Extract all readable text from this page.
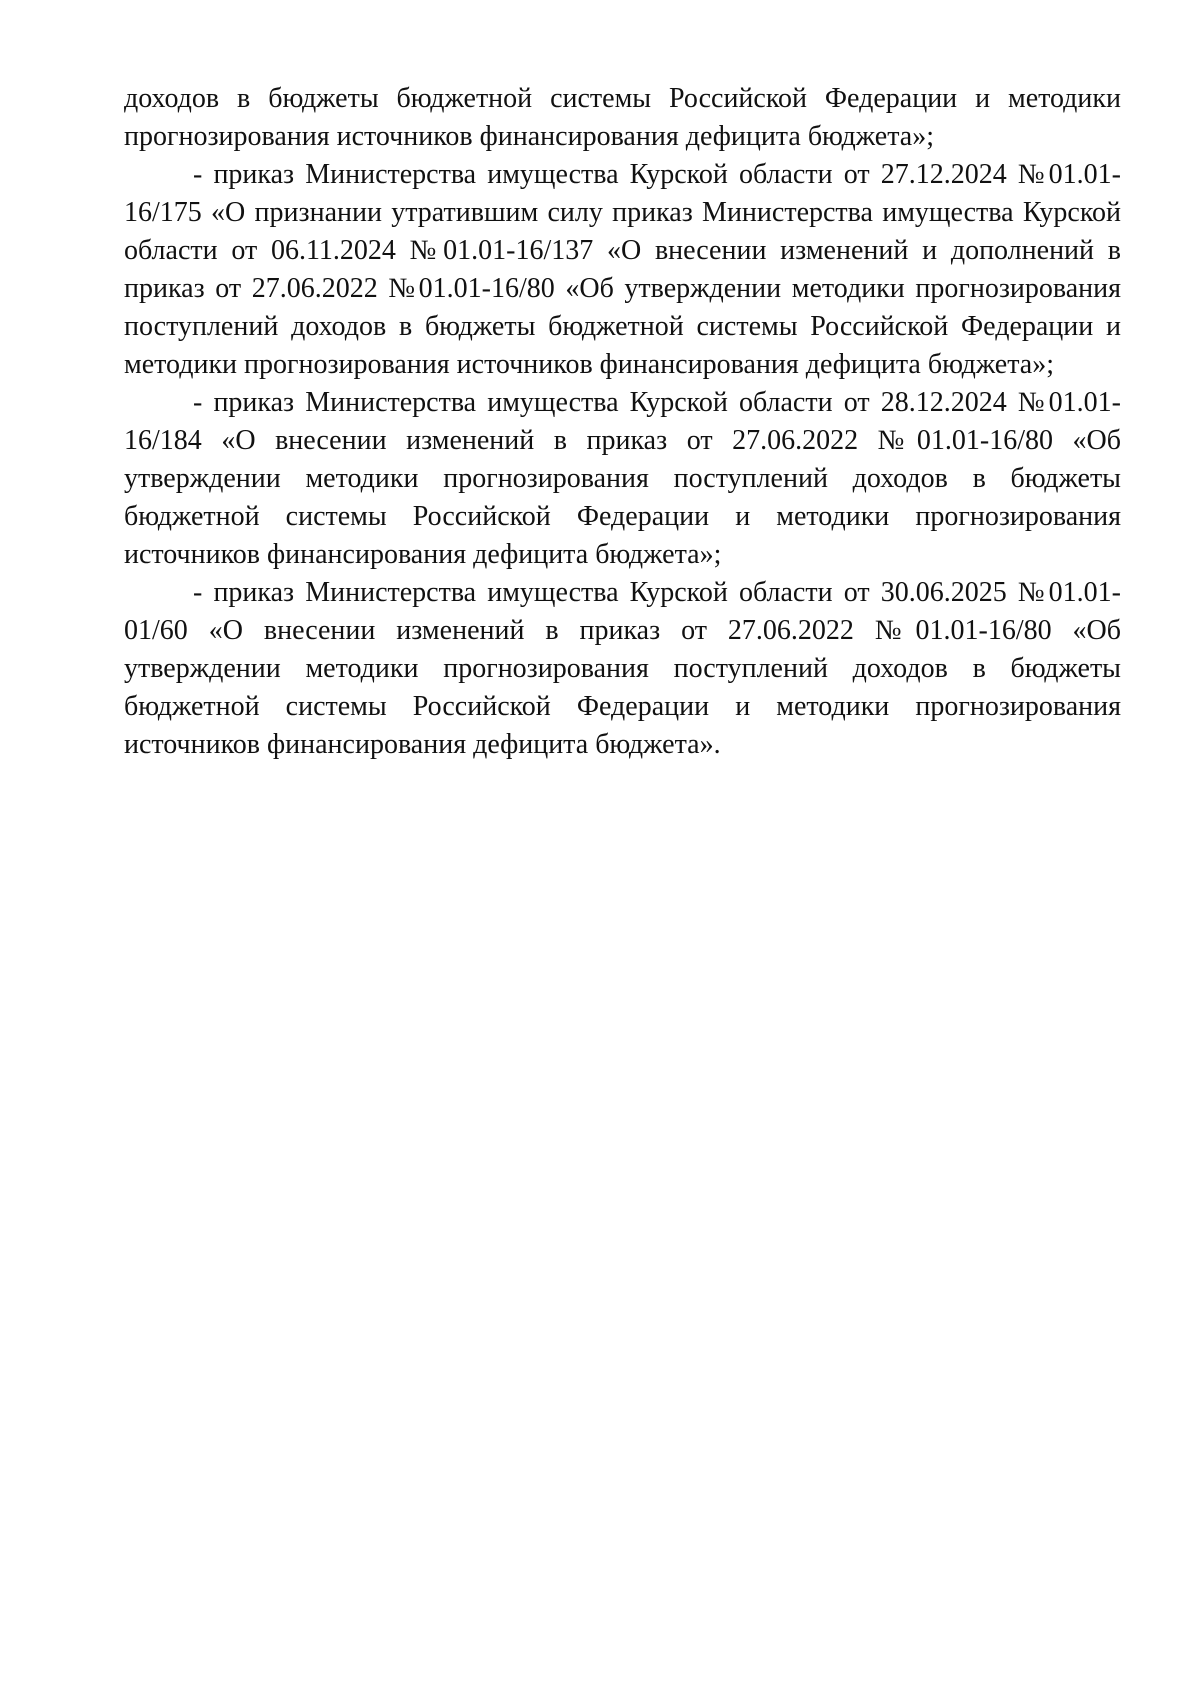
доходов в бюджеты бюджетной системы Российской Федерации и методики прогнозирования источников финансирования дефицита бюджета»;

- приказ Министерства имущества Курской области от 27.12.2024 №01.01-16/175 «О признании утратившим силу приказ Министерства имущества Курской области от 06.11.2024 №01.01-16/137 «О внесении изменений и дополнений в приказ от 27.06.2022 №01.01-16/80 «Об утверждении методики прогнозирования поступлений доходов в бюджеты бюджетной системы Российской Федерации и методики прогнозирования источников финансирования дефицита бюджета»;

- приказ Министерства имущества Курской области от 28.12.2024 №01.01-16/184 «О внесении изменений в приказ от 27.06.2022 №01.01-16/80 «Об утверждении методики прогнозирования поступлений доходов в бюджеты бюджетной системы Российской Федерации и методики прогнозирования источников финансирования дефицита бюджета»;

- приказ Министерства имущества Курской области от 30.06.2025 №01.01-01/60 «О внесении изменений в приказ от 27.06.2022 №01.01-16/80 «Об утверждении методики прогнозирования поступлений доходов в бюджеты бюджетной системы Российской Федерации и методики прогнозирования источников финансирования дефицита бюджета».
